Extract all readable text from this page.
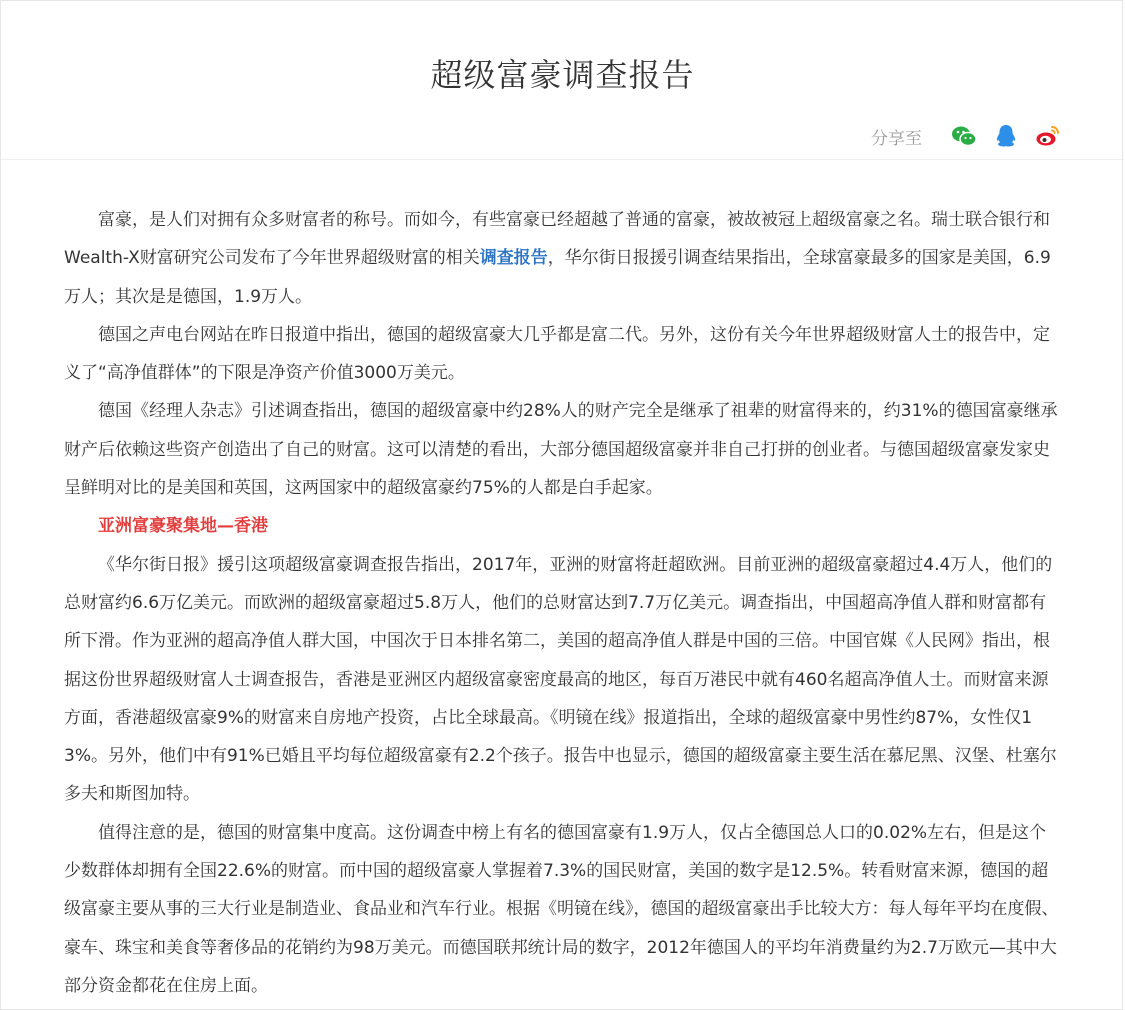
超级富豪调查报告
分享至

富豪，是人们对拥有众多财富者的称号。而如今，有些富豪已经超越了普通的富豪，被故被冠上超级富豪之名。瑞士联合银行和Wealth-X财富研究公司发布了今年世界超级财富的相关调查报告，华尔街日报援引调查结果指出，全球富豪最多的国家是美国，6.9万人；其次是是德国，1.9万人。

德国之声电台网站在昨日报道中指出，德国的超级富豪大几乎都是富二代。另外，这份有关今年世界超级财富人士的报告中，定义了“高净值群体”的下限是净资产价值3000万美元。

德国《经理人杂志》引述调查指出，德国的超级富豪中约28%人的财产完全是继承了祖辈的财富得来的，约31%的德国富豪继承财产后依赖这些资产创造出了自己的财富。这可以清楚的看出，大部分德国超级富豪并非自己打拼的创业者。与德国超级富豪发家史呈鲜明对比的是美国和英国，这两国家中的超级富豪约75%的人都是白手起家。

亚洲富豪聚集地—香港

《华尔街日报》援引这项超级富豪调查报告指出，2017年，亚洲的财富将赶超欧洲。目前亚洲的超级富豪超过4.4万人，他们的总财富约6.6万亿美元。而欧洲的超级富豪超过5.8万人，他们的总财富达到7.7万亿美元。调查指出，中国超高净值人群和财富都有所下滑。作为亚洲的超高净值人群大国，中国次于日本排名第二，美国的超高净值人群是中国的三倍。中国官媒《人民网》指出，根据这份世界超级财富人士调查报告，香港是亚洲区内超级富豪密度最高的地区，每百万港民中就有460名超高净值人士。而财富来源方面，香港超级富豪9%的财富来自房地产投资，占比全球最高。《明镜在线》报道指出，全球的超级富豪中男性约87%，女性仅13%。另外，他们中有91%已婚且平均每位超级富豪有2.2个孩子。报告中也显示，德国的超级富豪主要生活在慕尼黑、汉堡、杜塞尔多夫和斯图加特。

值得注意的是，德国的财富集中度高。这份调查中榜上有名的德国富豪有1.9万人，仅占全德国总人口的0.02%左右，但是这个少数群体却拥有全国22.6%的财富。而中国的超级富豪人掌握着7.3%的国民财富，美国的数字是12.5%。转看财富来源，德国的超级富豪主要从事的三大行业是制造业、食品业和汽车行业。根据《明镜在线》，德国的超级富豪出手比较大方：每人每年平均在度假、豪车、珠宝和美食等奢侈品的花销约为98万美元。而德国联邦统计局的数字，2012年德国人的平均年消费量约为2.7万欧元—其中大部分资金都花在住房上面。
